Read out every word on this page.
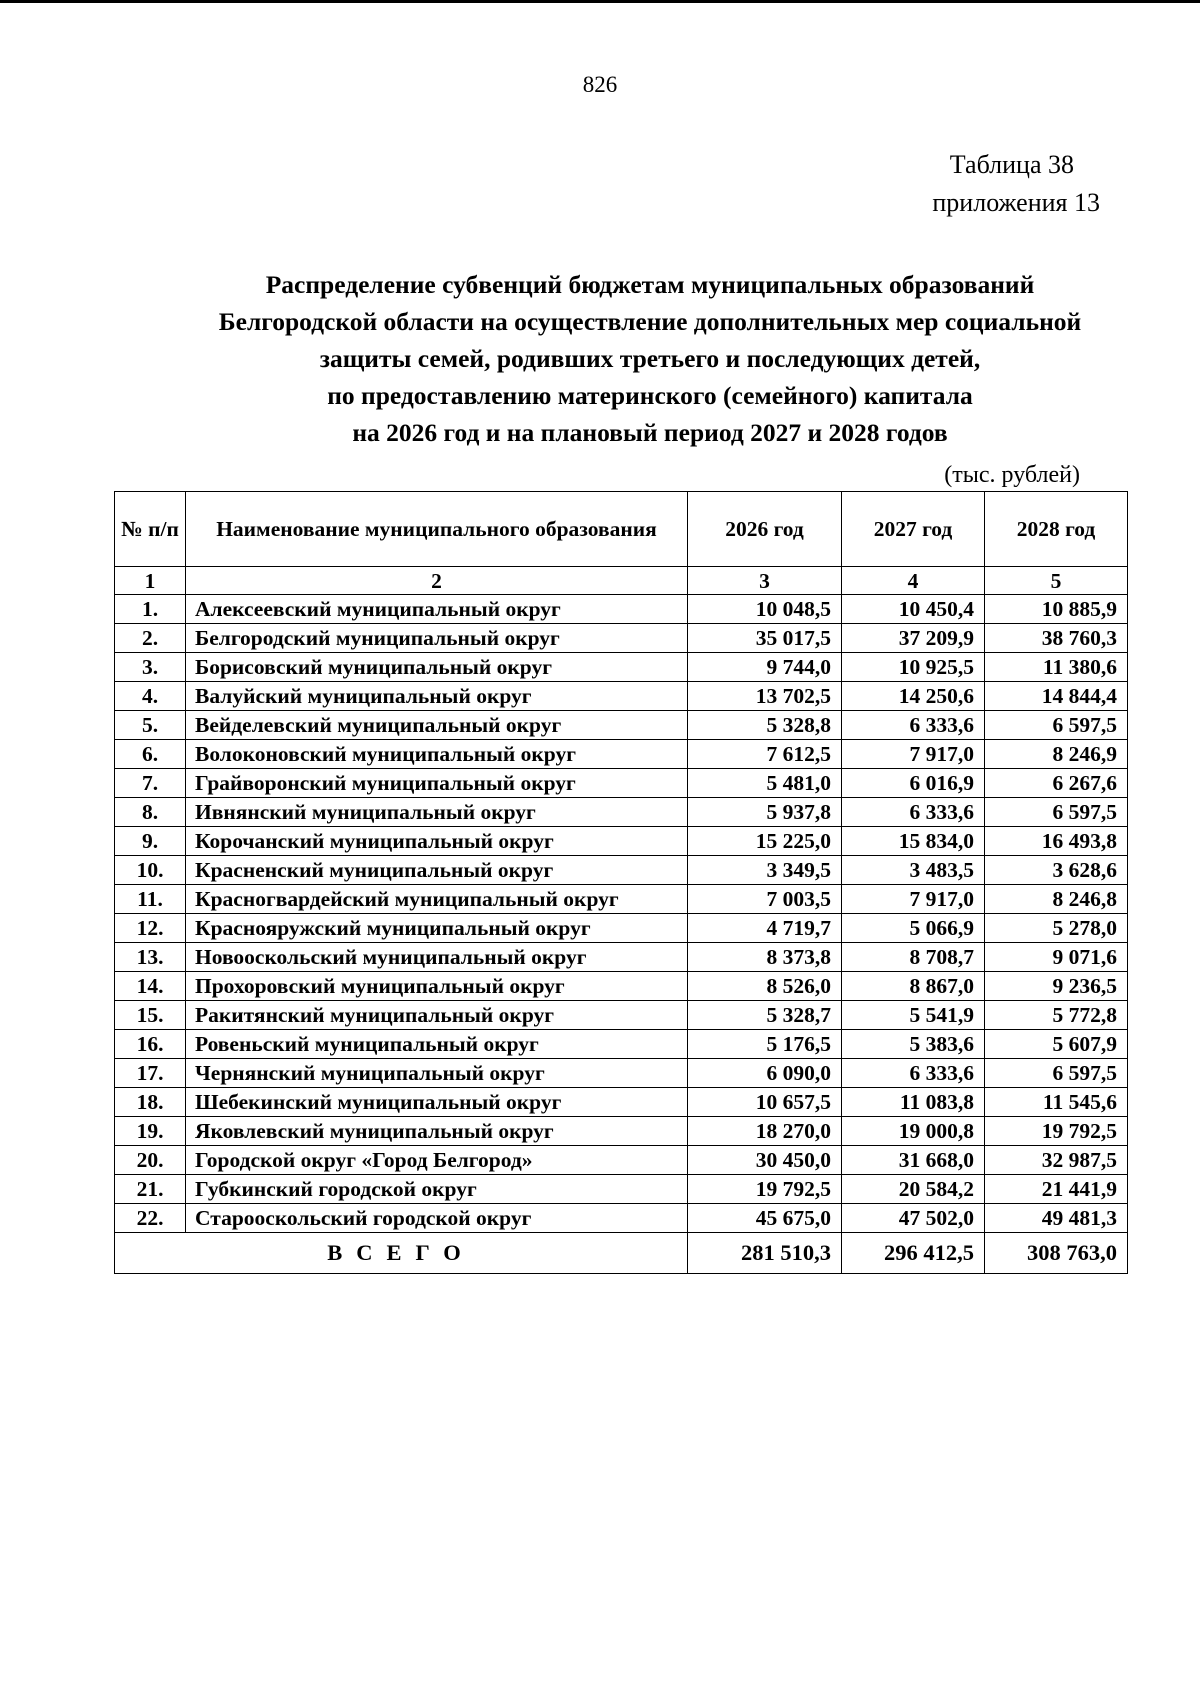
826
Таблица 38
приложения 13
Распределение субвенций бюджетам муниципальных образований
Белгородской области на осуществление дополнительных мер социальной
защиты семей, родивших третьего и последующих детей,
по предоставлению материнского (семейного) капитала
на 2026 год и на плановый период 2027 и 2028 годов
(тыс. рублей)
№ п/п	Наименование муниципального образования	2026 год	2027 год	2028 год
1	2	3	4	5
1.	Алексеевский муниципальный округ	10 048,5	10 450,4	10 885,9
2.	Белгородский муниципальный округ	35 017,5	37 209,9	38 760,3
3.	Борисовский муниципальный округ	9 744,0	10 925,5	11 380,6
4.	Валуйский муниципальный округ	13 702,5	14 250,6	14 844,4
5.	Вейделевский муниципальный округ	5 328,8	6 333,6	6 597,5
6.	Волоконовский муниципальный округ	7 612,5	7 917,0	8 246,9
7.	Грайворонский муниципальный округ	5 481,0	6 016,9	6 267,6
8.	Ивнянский муниципальный округ	5 937,8	6 333,6	6 597,5
9.	Корочанский муниципальный округ	15 225,0	15 834,0	16 493,8
10.	Красненский муниципальный округ	3 349,5	3 483,5	3 628,6
11.	Красногвардейский муниципальный округ	7 003,5	7 917,0	8 246,8
12.	Краснояружский муниципальный округ	4 719,7	5 066,9	5 278,0
13.	Новооскольский муниципальный округ	8 373,8	8 708,7	9 071,6
14.	Прохоровский муниципальный округ	8 526,0	8 867,0	9 236,5
15.	Ракитянский муниципальный округ	5 328,7	5 541,9	5 772,8
16.	Ровеньский муниципальный округ	5 176,5	5 383,6	5 607,9
17.	Чернянский муниципальный округ	6 090,0	6 333,6	6 597,5
18.	Шебекинский муниципальный округ	10 657,5	11 083,8	11 545,6
19.	Яковлевский муниципальный округ	18 270,0	19 000,8	19 792,5
20.	Городской округ «Город Белгород»	30 450,0	31 668,0	32 987,5
21.	Губкинский городской округ	19 792,5	20 584,2	21 441,9
22.	Старооскольский городской округ	45 675,0	47 502,0	49 481,3
ВСЕГО		281 510,3	296 412,5	308 763,0
